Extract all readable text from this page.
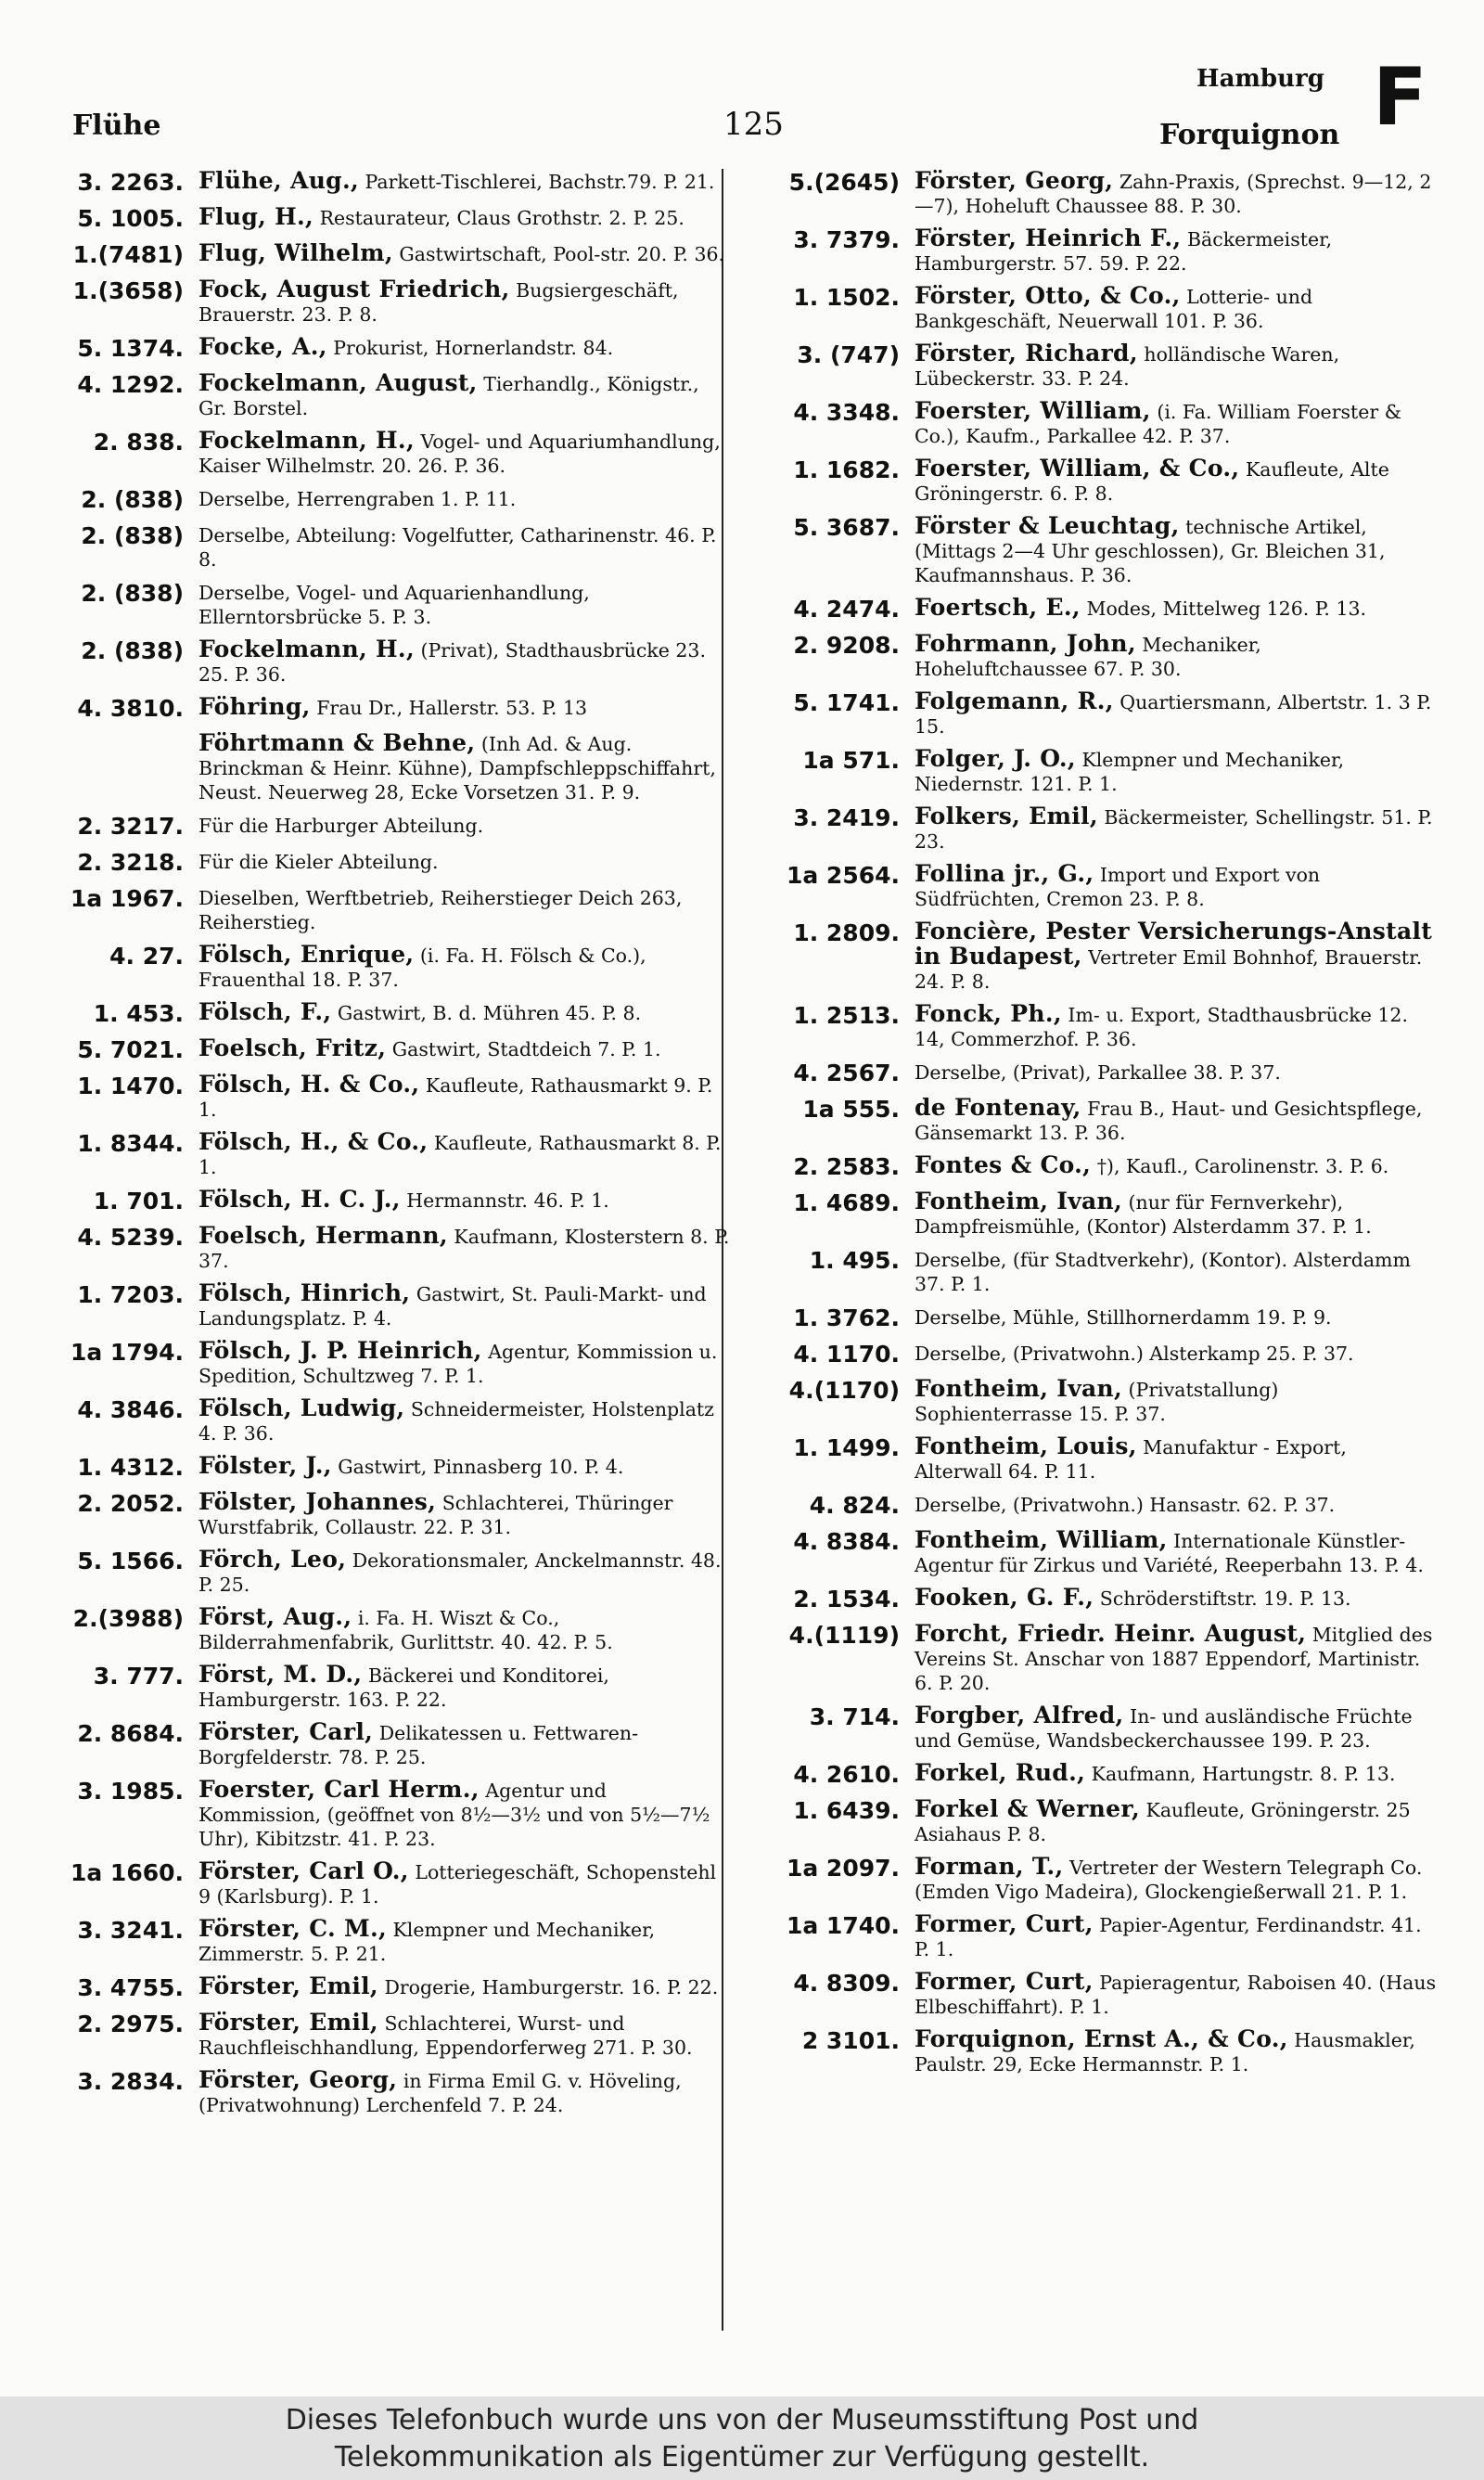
Flühe	125
Hamburg
Forquignon F
3. 2263. Flühe, Aug., Parkett-Tischlerei, Bachstr.79. P. 21.
5. 1005. Flug, H., Restaurateur, Claus Grothstr. 2. P. 25.
1.(7481) Flug, Wilhelm, Gastwirtschaft, Pool-str. 20. P. 36.
1.(3658) Fock, August Friedrich, Bugsiergeschäft, Brauerstr. 23. P. 8.
5. 1374. Focke, A., Prokurist, Hornerlandstr. 84.
4. 1292. Fockelmann, August, Tierhandlg., Königstr., Gr. Borstel.
2. 838. Fockelmann, H., Vogel- und Aquariumhandlung, Kaiser Wilhelmstr. 20. 26. P. 36.
2. (838) Derselbe, Herrengraben 1. P. 11.
2. (838) Derselbe, Abteilung: Vogelfutter, Catharinenstr. 46. P. 8.
2. (838) Derselbe, Vogel- und Aquarienhandlung, Ellerntorsbrücke 5. P. 3.
2. (838) Fockelmann, H., (Privat), Stadthausbrücke 23. 25. P. 36.
4. 3810. Föhring, Frau Dr., Hallerstr. 53. P. 13
Föhrtmann & Behne, (Inh Ad. & Aug. Brinckman & Heinr. Kühne), Dampfschleppschiffahrt, Neust. Neuerweg 28, Ecke Vorsetzen 31. P. 9.
2. 3217. Für die Harburger Abteilung.
2. 3218. Für die Kieler Abteilung.
1a 1967. Dieselben, Werftbetrieb, Reiherstieger Deich 263, Reiherstieg.
4. 27. Fölsch, Enrique, (i. Fa. H. Fölsch & Co.), Frauenthal 18. P. 37.
1. 453. Fölsch, F., Gastwirt, B. d. Mühren 45. P. 8.
5. 7021. Foelsch, Fritz, Gastwirt, Stadtdeich 7. P. 1.
1. 1470. Fölsch, H. & Co., Kaufleute, Rathausmarkt 9. P. 1.
1. 8344. Fölsch, H., & Co., Kaufleute, Rathausmarkt 8. P. 1.
1. 701. Fölsch, H. C. J., Hermannstr. 46. P. 1.
4. 5239. Foelsch, Hermann, Kaufmann, Klosterstern 8. P. 37.
1. 7203. Fölsch, Hinrich, Gastwirt, St. Pauli-Markt- und Landungsplatz. P. 4.
1a 1794. Fölsch, J. P. Heinrich, Agentur, Kommission u. Spedition, Schultzweg 7. P. 1.
4. 3846. Fölsch, Ludwig, Schneidermeister, Holstenplatz 4. P. 36.
1. 4312. Fölster, J., Gastwirt, Pinnasberg 10. P. 4.
2. 2052. Fölster, Johannes, Schlachterei, Thüringer Wurstfabrik, Collaustr. 22. P. 31.
5. 1566. Förch, Leo, Dekorationsmaler, Anckelmannstr. 48. P. 25.
2.(3988) Först, Aug., i. Fa. H. Wiszt & Co., Bilderrahmenfabrik, Gurlittstr. 40. 42. P. 5.
3. 777. Först, M. D., Bäckerei und Konditorei, Hamburgerstr. 163. P. 22.
2. 8684. Förster, Carl, Delikatessen u. Fettwaren-Borgfelderstr. 78. P. 25.
3. 1985. Foerster, Carl Herm., Agentur und Kommission, (geöffnet von 8½—3½ und von 5½—7½ Uhr), Kibitzstr. 41. P. 23.
1a 1660. Förster, Carl O., Lotteriegeschäft, Schopenstehl 9 (Karlsburg). P. 1.
3. 3241. Förster, C. M., Klempner und Mechaniker, Zimmerstr. 5. P. 21.
3. 4755. Förster, Emil, Drogerie, Hamburgerstr. 16. P. 22.
2. 2975. Förster, Emil, Schlachterei, Wurst- und Rauchfleischhandlung, Eppendorferweg 271. P. 30.
3. 2834. Förster, Georg, in Firma Emil G. v. Höveling, (Privatwohnung) Lerchenfeld 7. P. 24.
5.(2645) Förster, Georg, Zahn-Praxis, (Sprechst. 9—12, 2—7), Hoheluft Chaussee 88. P. 30.
3. 7379. Förster, Heinrich F., Bäckermeister, Hamburgerstr. 57. 59. P. 22.
1. 1502. Förster, Otto, & Co., Lotterie- und Bankgeschäft, Neuerwall 101. P. 36.
3. (747) Förster, Richard, holländische Waren, Lübeckerstr. 33. P. 24.
4. 3348. Foerster, William, (i. Fa. William Foerster & Co.), Kaufm., Parkallee 42. P. 37.
1. 1682. Foerster, William, & Co., Kaufleute, Alte Gröningerstr. 6. P. 8.
5. 3687. Förster & Leuchtag, technische Artikel, (Mittags 2—4 Uhr geschlossen), Gr. Bleichen 31, Kaufmannshaus. P. 36.
4. 2474. Foertsch, E., Modes, Mittelweg 126. P. 13.
2. 9208. Fohrmann, John, Mechaniker, Hoheluftchaussee 67. P. 30.
5. 1741. Folgemann, R., Quartiersmann, Albertstr. 1. 3 P. 15.
1a 571. Folger, J. O., Klempner und Mechaniker, Niedernstr. 121. P. 1.
3. 2419. Folkers, Emil, Bäckermeister, Schellingstr. 51. P. 23.
1a 2564. Follina jr., G., Import und Export von Südfrüchten, Cremon 23. P. 8.
1. 2809. Foncière, Pester Versicherungs-Anstalt in Budapest, Vertreter Emil Bohnhof, Brauerstr. 24. P. 8.
1. 2513. Fonck, Ph., Im- u. Export, Stadthausbrücke 12. 14, Commerzhof. P. 36.
4. 2567. Derselbe, (Privat), Parkallee 38. P. 37.
1a 555. de Fontenay, Frau B., Haut- und Gesichtspflege, Gänsemarkt 13. P. 36.
2. 2583. Fontes & Co., †), Kaufl., Carolinenstr. 3. P. 6.
1. 4689. Fontheim, Ivan, (nur für Fernverkehr), Dampfreismühle, (Kontor) Alsterdamm 37. P. 1.
1. 495. Derselbe, (für Stadtverkehr), (Kontor). Alsterdamm 37. P. 1.
1. 3762. Derselbe, Mühle, Stillhornerdamm 19. P. 9.
4. 1170. Derselbe, (Privatwohn.) Alsterkamp 25. P. 37.
4.(1170) Fontheim, Ivan, (Privatstallung) Sophienterrasse 15. P. 37.
1. 1499. Fontheim, Louis, Manufaktur - Export, Alterwall 64. P. 11.
4. 824. Derselbe, (Privatwohn.) Hansastr. 62. P. 37.
4. 8384. Fontheim, William, Internationale Künstler-Agentur für Zirkus und Variété, Reeperbahn 13. P. 4.
2. 1534. Fooken, G. F., Schröderstiftstr. 19. P. 13.
4.(1119) Forcht, Friedr. Heinr. August, Mitglied des Vereins St. Anschar von 1887 Eppendorf, Martinistr. 6. P. 20.
3. 714. Forgber, Alfred, In- und ausländische Früchte und Gemüse, Wandsbeckerchaussee 199. P. 23.
4. 2610. Forkel, Rud., Kaufmann, Hartungstr. 8. P. 13.
1. 6439. Forkel & Werner, Kaufleute, Gröningerstr. 25 Asiahaus P. 8.
1a 2097. Forman, T., Vertreter der Western Telegraph Co. (Emden Vigo Madeira), Glockengießerwall 21. P. 1.
1a 1740. Former, Curt, Papier-Agentur, Ferdinandstr. 41. P. 1.
4. 8309. Former, Curt, Papieragentur, Raboisen 40. (Haus Elbeschiffahrt). P. 1.
2 3101. Forquignon, Ernst A., & Co., Hausmakler, Paulstr. 29, Ecke Hermannstr. P. 1.
Dieses Telefonbuch wurde uns von der Museumsstiftung Post und
Telekommunikation als Eigentümer zur Verfügung gestellt.
